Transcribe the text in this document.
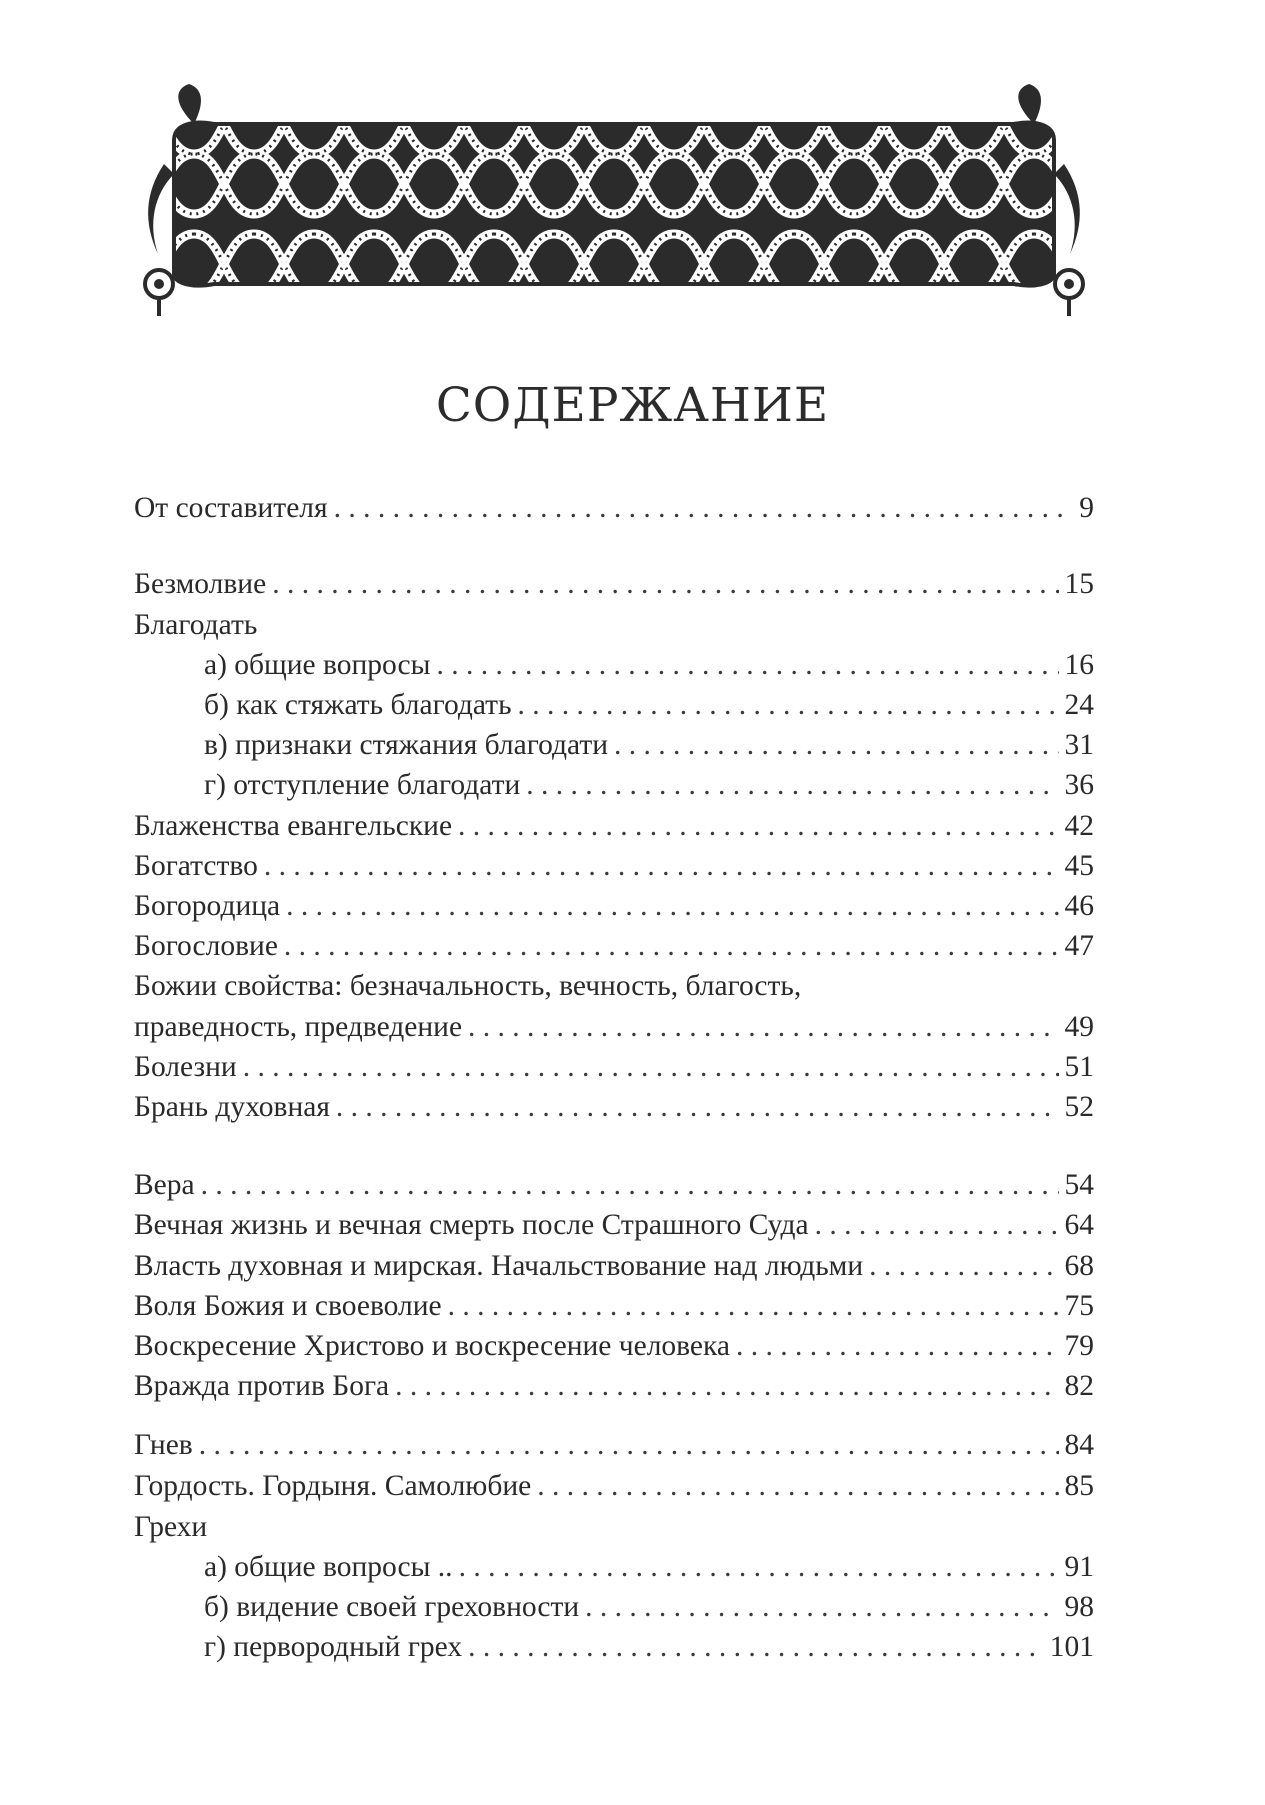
СОДЕРЖАНИЕ
От составителя . . .	9
Безмолвие . . .	15
Благодать
а) общие вопросы . . .	16
б) как стяжать благодать . . .	24
в) признаки стяжания благодати . . .	31
г) отступление благодати . . .	36
Блаженства евангельские . . .	42
Богатство . . .	45
Богородица . . .	46
Богословие . . .	47
Божии свойства: безначальность, вечность, благость,
праведность, предведение . . .	49
Болезни . . .	51
Брань духовная . . .	52
Вера . . .	54
Вечная жизнь и вечная смерть после Страшного Суда . . .	64
Власть духовная и мирская. Начальствование над людьми . . .	68
Воля Божия и своеволие . . .	75
Воскресение Христово и воскресение человека . . .	79
Вражда против Бога . . .	82
Гнев . . .	84
Гордость. Гордыня. Самолюбие . . .	85
Грехи
а) общие вопросы .. . . .	91
б) видение своей греховности . . .	98
г) первородный грех . . .	101
